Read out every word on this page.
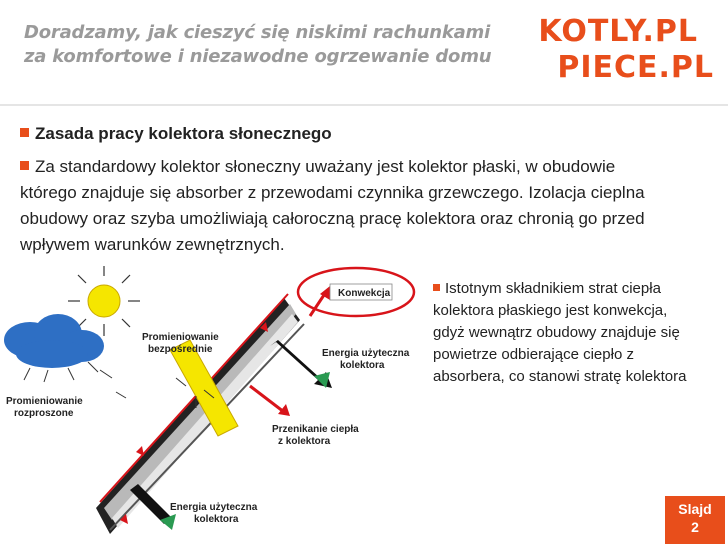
Doradzamy, jak cieszyć się niskimi rachunkami
za komfortowe i niezawodne ogrzewanie domu
KOTLY.PL
PIECE.PL
Zasada pracy kolektora słonecznego
Za standardowy kolektor słoneczny uważany jest kolektor płaski, w obudowie którego znajduje się absorber z przewodami czynnika grzewczego. Izolacja cieplna obudowy oraz szyba umożliwiają całoroczną pracę kolektora oraz chronią go przed wpływem warunków zewnętrznych.
Konwekcja
Promieniowanie
bezpośrednie
Promieniowanie
rozproszone
Energia użyteczna
kolektora
Przenikanie ciepła
z kolektora
Energia użyteczna
kolektora
Istotnym składnikiem strat ciepła kolektora płaskiego jest konwekcja, gdyż wewnątrz obudowy znajduje się powietrze odbierające ciepło z absorbera, co stanowi stratę kolektora
Slajd
2
